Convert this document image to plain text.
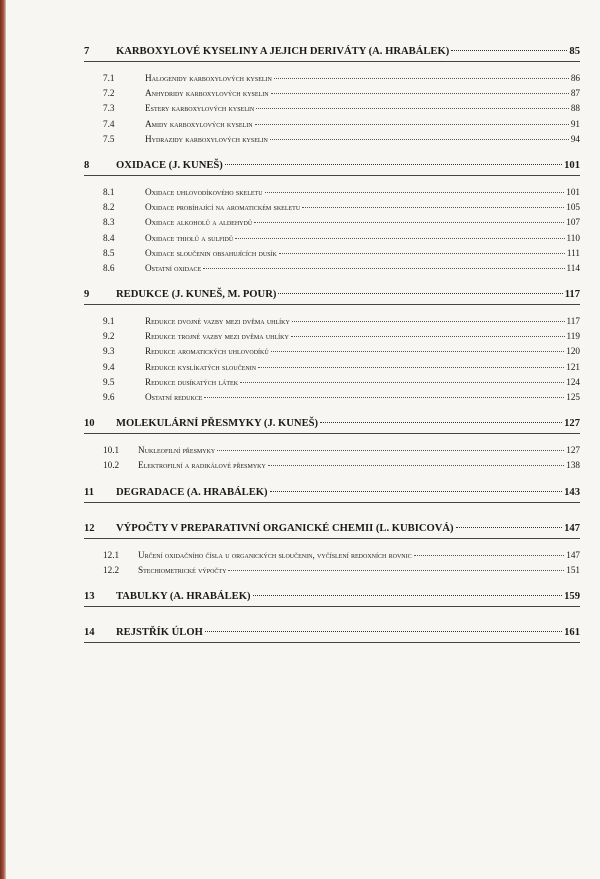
7	KARBOXYLOVÉ KYSELINY A JEJICH DERIVÁTY (A. HRABÁLEK)	85
7.1	Halogenidy karboxylových kyselin	86
7.2	Anhydridy karboxylových kyselin	87
7.3	Estery karboxylových kyselin	88
7.4	Amidy karboxylových kyselin	91
7.5	Hydrazidy karboxylových kyselin	94
8	OXIDACE (J. KUNEŠ)	101
8.1	Oxidace uhlovodíkového skeletu	101
8.2	Oxidace probíhající na aromatickém skeletu	105
8.3	Oxidace alkoholů a aldehydů	107
8.4	Oxidace thiolů a sulfidů	110
8.5	Oxidace sloučenin obsahujících dusík	111
8.6	Ostatní oxidace	114
9	REDUKCE (J. KUNEŠ, M. POUR)	117
9.1	Redukce dvojné vazby mezi dvěma uhlíky	117
9.2	Redukce trojné vazby mezi dvěma uhlíky	119
9.3	Redukce aromatických uhlovodíků	120
9.4	Redukce kyslíkatých sloučenin	121
9.5	Redukce dusíkatých látek	124
9.6	Ostatní redukce	125
10	MOLEKULÁRNÍ PŘESMYKY (J. KUNEŠ)	127
10.1	Nukleofilní přesmyky	127
10.2	Elektrofilní a radikálové přesmyky	138
11	DEGRADACE (A. HRABÁLEK)	143
12	VÝPOČTY V PREPARATIVNÍ ORGANICKÉ CHEMII (L. KUBICOVÁ)	147
12.1	Určení oxidačního čísla u organických sloučenin, vyčíslení redoxních rovnic	147
12.2	Stechiometrické výpočty	151
13	TABULKY (A. HRABÁLEK)	159
14	REJSTŘÍK ÚLOH	161
